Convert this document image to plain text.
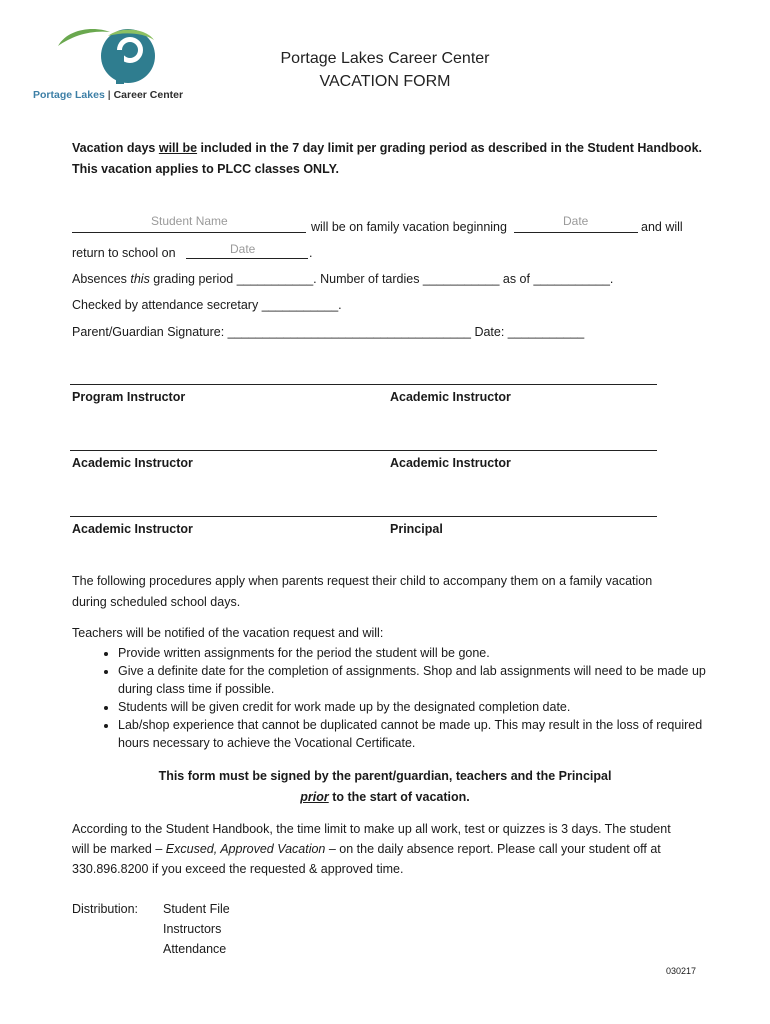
Portage Lakes | Career Center
Portage Lakes Career Center
VACATION FORM
Vacation days will be included in the 7 day limit per grading period as described in the Student Handbook.
This vacation applies to PLCC classes ONLY.
Student Name	will be on family vacation beginning	Date	and will
return to school on	Date	.
Absences this grading period ___________. Number of tardies ___________ as of ___________.
Checked by attendance secretary ___________.
Parent/Guardian Signature: ___________________________________ Date: ___________
Program Instructor	Academic Instructor
Academic Instructor	Academic Instructor
Academic Instructor	Principal
The following procedures apply when parents request their child to accompany them on a family vacation
during scheduled school days.
Teachers will be notified of the vacation request and will:
• Provide written assignments for the period the student will be gone.
• Give a definite date for the completion of assignments. Shop and lab assignments will need to be made up during class time if possible.
• Students will be given credit for work made up by the designated completion date.
• Lab/shop experience that cannot be duplicated cannot be made up. This may result in the loss of required hours necessary to achieve the Vocational Certificate.
This form must be signed by the parent/guardian, teachers and the Principal
prior to the start of vacation.
According to the Student Handbook, the time limit to make up all work, test or quizzes is 3 days. The student
will be marked – Excused, Approved Vacation – on the daily absence report. Please call your student off at
330.896.8200 if you exceed the requested & approved time.
Distribution: Student File
Instructors
Attendance
030217
